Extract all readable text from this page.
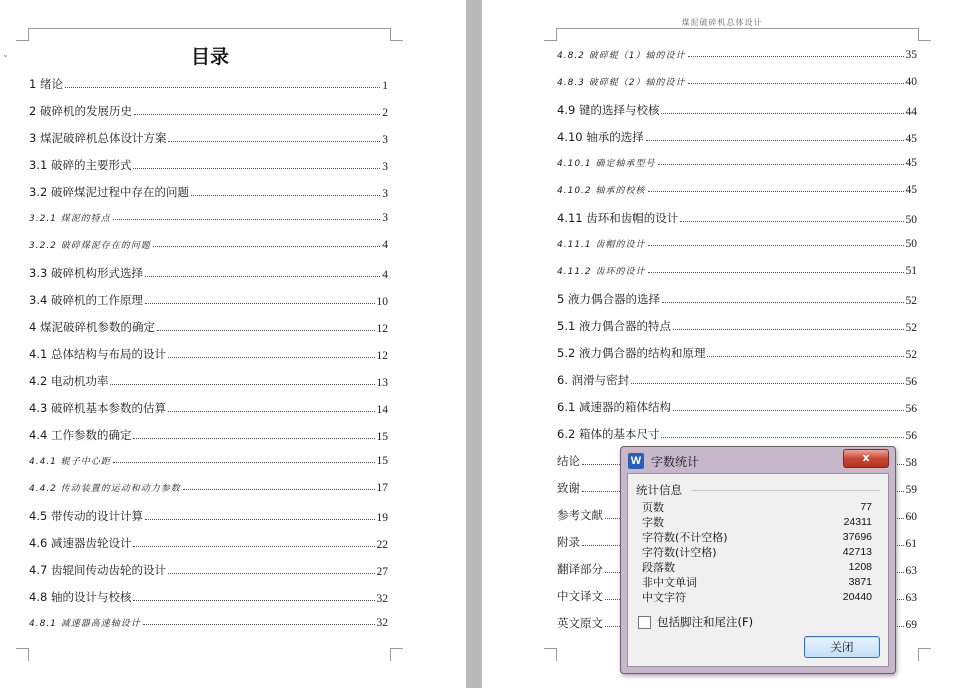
⌄	目录
1 绪论	1
2 破碎机的发展历史	2
3 煤泥破碎机总体设计方案	3
3.1 破碎的主要形式	3
3.2 破碎煤泥过程中存在的问题	3
3.2.1 煤泥的特点	3
3.2.2 破碎煤泥存在的问题	4
3.3 破碎机构形式选择	4
3.4 破碎机的工作原理	10
4 煤泥破碎机参数的确定	12
4.1 总体结构与布局的设计	12
4.2 电动机功率	13
4.3 破碎机基本参数的估算	14
4.4 工作参数的确定	15
4.4.1 辊子中心距	15
4.4.2 传动装置的运动和动力参数	17
4.5 带传动的设计计算	19
4.6 减速器齿轮设计	22
4.7 齿辊间传动齿轮的设计	27
4.8 轴的设计与校核	32
4.8.1 减速器高速轴设计	32
煤泥破碎机总体设计
4.8.2 破碎辊（1）轴的设计	35
4.8.3 破碎辊（2）轴的设计	40
4.9 键的选择与校核	44
4.10 轴承的选择	45
4.10.1 确定轴承型号	45
4.10.2 轴承的校核	45
4.11 齿环和齿帽的设计	50
4.11.1 齿帽的设计	50
4.11.2 齿环的设计	51
5 液力偶合器的选择	52
5.1 液力偶合器的特点	52
5.2 液力偶合器的结构和原理	52
6. 润滑与密封	56
6.1 减速器的箱体结构	56
6.2 箱体的基本尺寸	56
结论	58
致谢	59
参考文献	60
附录	61
翻译部分	63
中文译文	63
英文原文	69
W 字数统计	x
统计信息
页数	77
字数	24311
字符数(不计空格)	37696
字符数(计空格)	42713
段落数	1208
非中文单词	3871
中文字符	20440
包括脚注和尾注(F)
关闭
